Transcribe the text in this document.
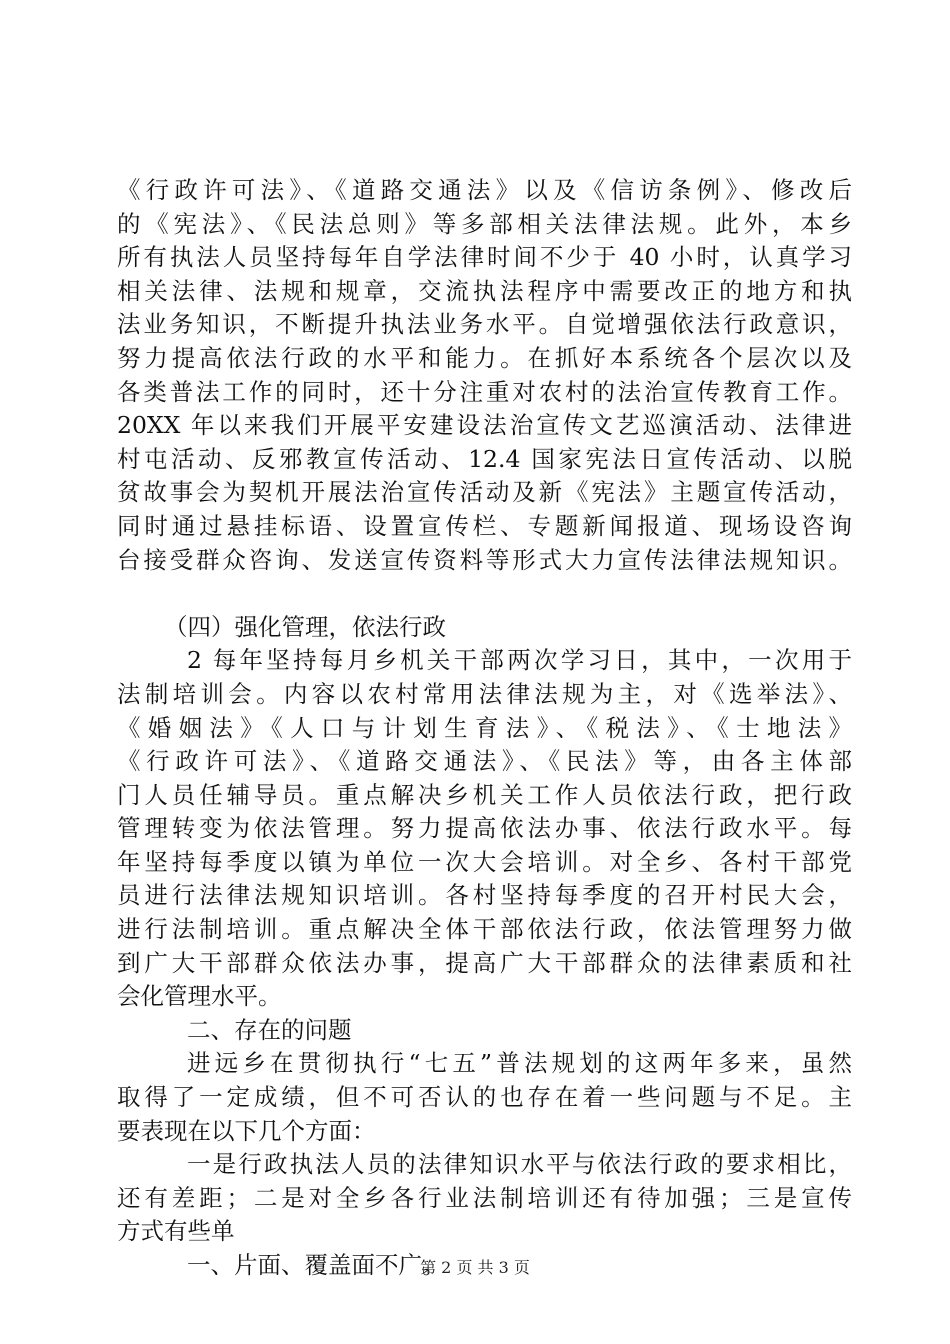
《行政许可法》、《道路交通法》以及《信访条例》、修改后
的《宪法》、《民法总则》等多部相关法律法规。此外，本乡
所有执法人员坚持每年自学法律时间不少于 40 小时，认真学习
相关法律、法规和规章，交流执法程序中需要改正的地方和执
法业务知识，不断提升执法业务水平。自觉增强依法行政意识，
努力提高依法行政的水平和能力。在抓好本系统各个层次以及
各类普法工作的同时，还十分注重对农村的法治宣传教育工作。
20XX 年以来我们开展平安建设法治宣传文艺巡演活动、法律进
村屯活动、反邪教宣传活动、12.4 国家宪法日宣传活动、以脱
贫故事会为契机开展法治宣传活动及新《宪法》主题宣传活动，
同时通过悬挂标语、设置宣传栏、专题新闻报道、现场设咨询
台接受群众咨询、发送宣传资料等形式大力宣传法律法规知识。
（四）强化管理，依法行政
2 每年坚持每月乡机关干部两次学习日，其中，一次用于
法制培训会。内容以农村常用法律法规为主，对《选举法》、
《婚姻法》《人口与计划生育法》、《税法》、《士地法》
《行政许可法》、《道路交通法》、《民法》等，由各主体部
门人员任辅导员。重点解决乡机关工作人员依法行政，把行政
管理转变为依法管理。努力提高依法办事、依法行政水平。每
年坚持每季度以镇为单位一次大会培训。对全乡、各村干部党
员进行法律法规知识培训。各村坚持每季度的召开村民大会，
进行法制培训。重点解决全体干部依法行政，依法管理努力做
到广大干部群众依法办事，提高广大干部群众的法律素质和社
会化管理水平。
二、存在的问题
进远乡在贯彻执行“七五”普法规划的这两年多来，虽然
取得了一定成绩，但不可否认的也存在着一些问题与不足。主
要表现在以下几个方面：
一是行政执法人员的法律知识水平与依法行政的要求相比，
还有差距；二是对全乡各行业法制培训还有待加强；三是宣传
方式有些单
一、片面、覆盖面不广。
第 2 页 共 3 页
